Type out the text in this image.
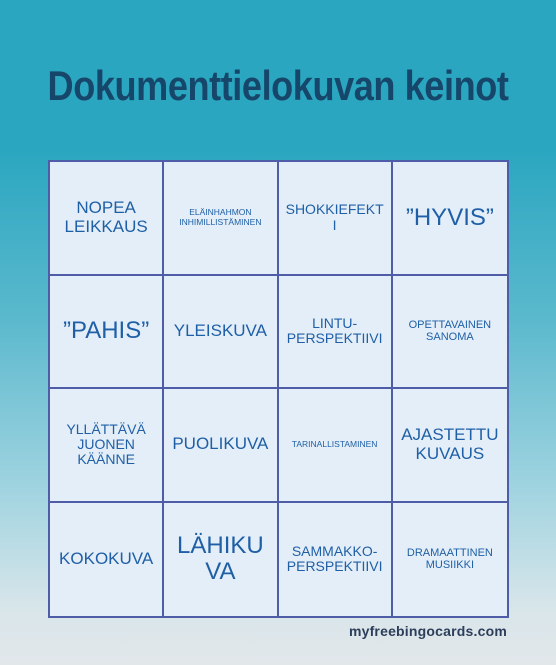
Dokumenttielokuvan keinot
NOPEA LEIKKAUS
ELÄINHAHMON INHIMILLISTÄMINEN
SHOKKIEFEKTI	”HYVIS”
”PAHIS”	YLEISKUVA	LINTU-PERSPEKTIIVI
OPETTAVAINEN SANOMA
YLLÄTTÄVÄ JUONEN KÄÄNNE
PUOLIKUVA	TARINALLISTAMINEN
AJASTETTU KUVAUS
KOKOKUVA LÄHIKUVA
SAMMAKKO-PERSPEKTIIVI
DRAMAATTINEN MUSIIKKI
myfreebingocards.com
